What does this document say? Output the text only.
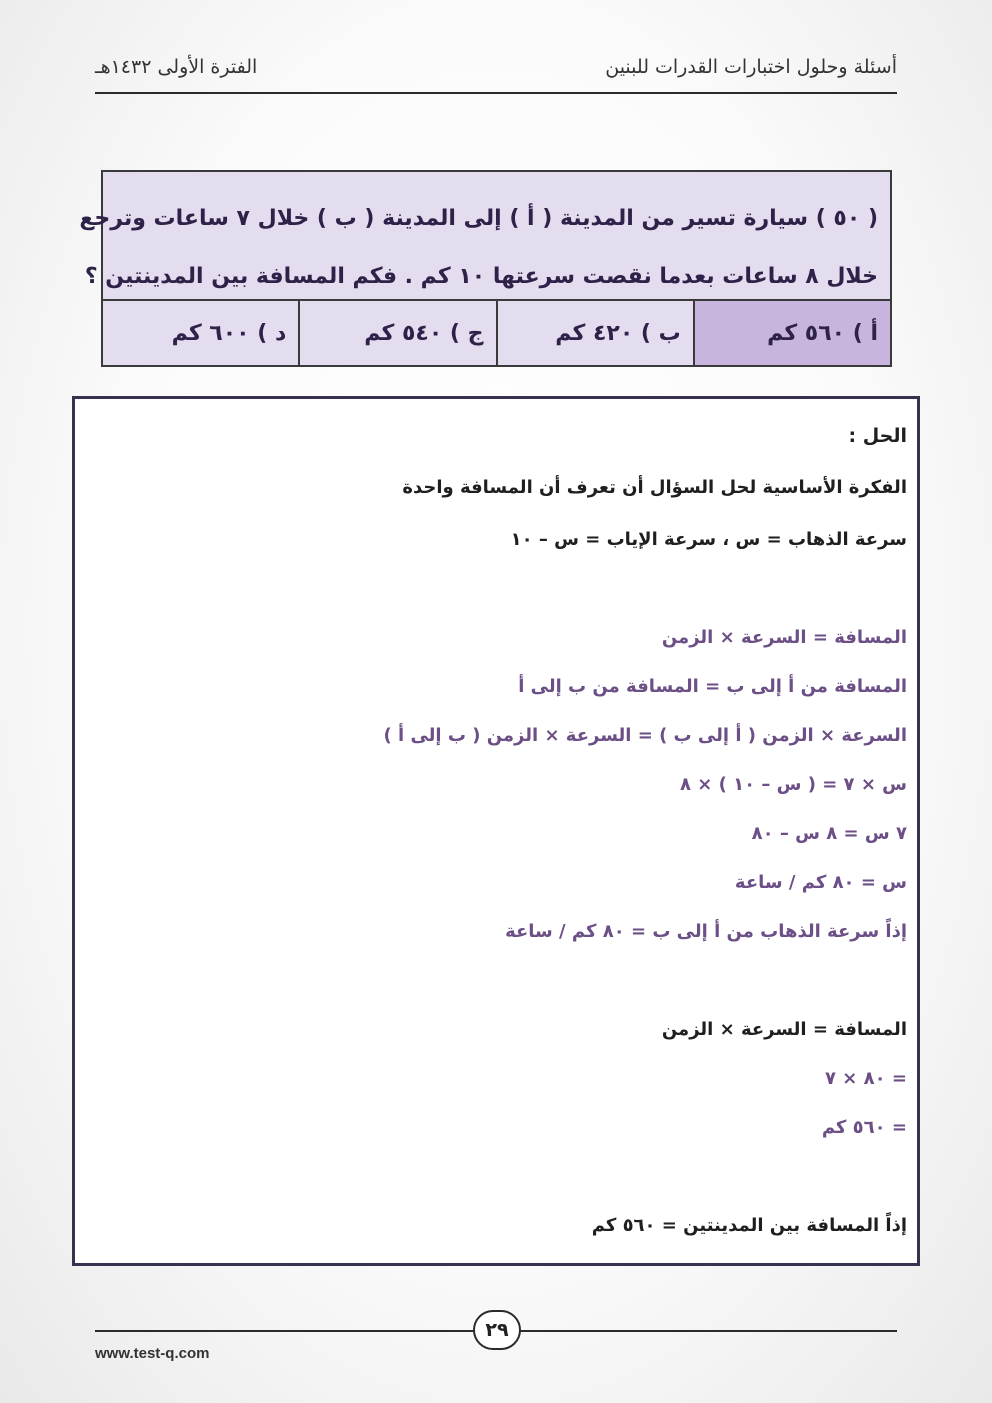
أسئلة وحلول اختبارات القدرات للبنين
الفترة الأولى ١٤٣٢هـ

( ٥٠ ) سيارة تسير من المدينة ( أ ) إلى المدينة ( ب ) خلال ٧ ساعات وترجع

خلال ٨ ساعات بعدما نقصت سرعتها ١٠ كم . فكم المسافة بين المدينتين ؟

أ ) ٥٦٠ كم
ب ) ٤٢٠ كم
ج ) ٥٤٠ كم
د ) ٦٠٠ كم
الحل :
الفكرة الأساسية لحل السؤال أن تعرف أن المسافة واحدة
سرعة الذهاب = س ، سرعة الإياب = س – ١٠
المسافة = السرعة × الزمن
المسافة من أ إلى ب = المسافة من ب إلى أ
السرعة × الزمن ( أ إلى ب ) = السرعة × الزمن ( ب إلى أ )
س × ٧ = ( س – ١٠ ) × ٨
٧ س = ٨ س – ٨٠
س = ٨٠ كم / ساعة
إذاً سرعة الذهاب من أ إلى ب = ٨٠ كم / ساعة
المسافة = السرعة × الزمن
= ٨٠ × ٧
= ٥٦٠ كم
إذاً المسافة بين المدينتين = ٥٦٠ كم
٢٩
www.test-q.com
